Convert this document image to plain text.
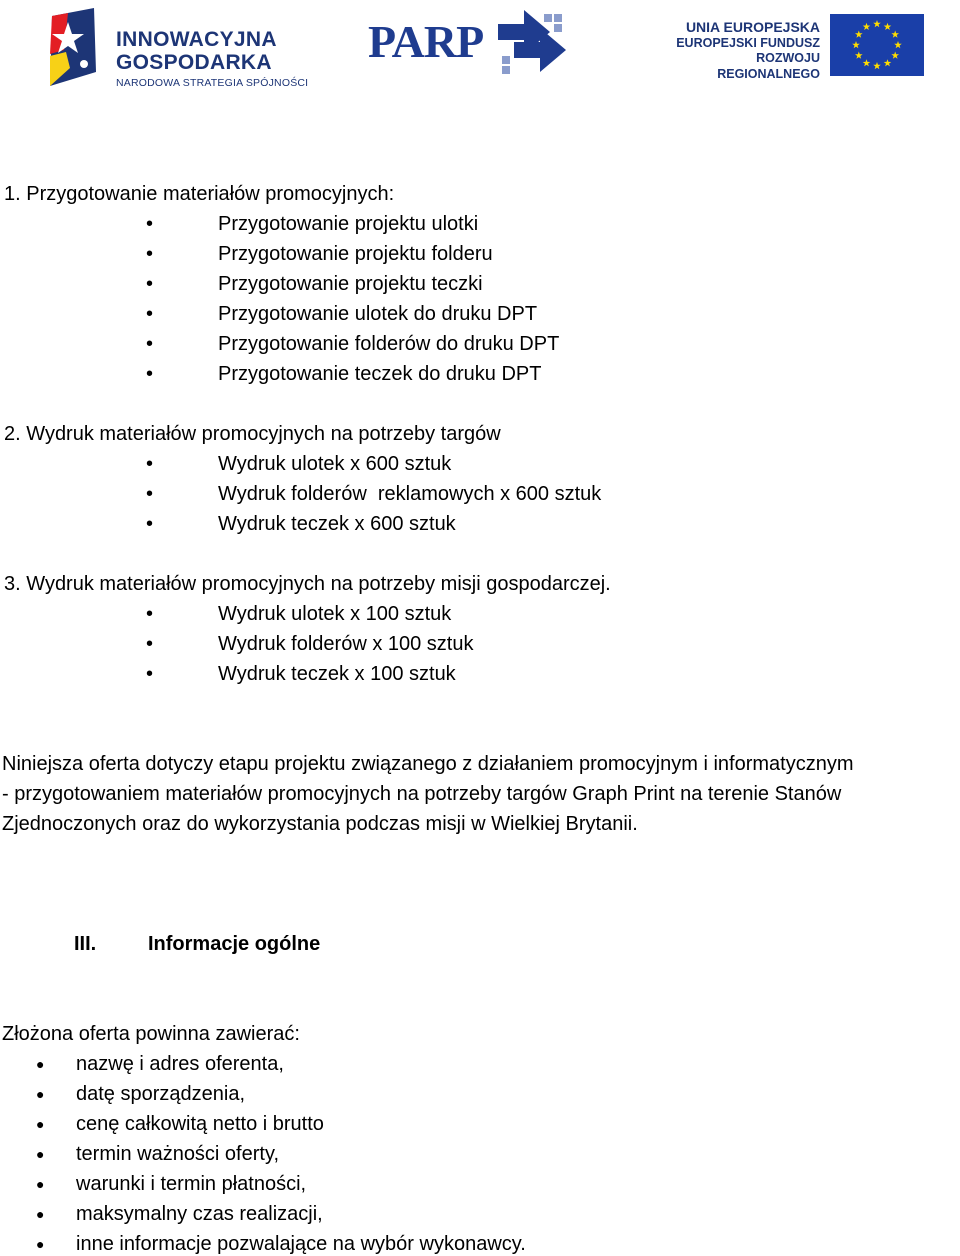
INNOWACYJNA
GOSPODARKA
NARODOWA STRATEGIA SPÓJNOŚCI
PARP	UNIA EUROPEJSKA
EUROPEJSKI FUNDUSZ
ROZWOJU REGIONALNEGO
1. Przygotowanie materiałów promocyjnych:
•	Przygotowanie projektu ulotki
•	Przygotowanie projektu folderu
•	Przygotowanie projektu teczki
•	Przygotowanie ulotek do druku DPT
•	Przygotowanie folderów do druku DPT
•	Przygotowanie teczek do druku DPT
2. Wydruk materiałów promocyjnych na potrzeby targów
•	Wydruk ulotek x 600 sztuk
•	Wydruk folderów  reklamowych x 600 sztuk
•	Wydruk teczek x 600 sztuk
3. Wydruk materiałów promocyjnych na potrzeby misji gospodarczej.
•	Wydruk ulotek x 100 sztuk
•	Wydruk folderów x 100 sztuk
•	Wydruk teczek x 100 sztuk
Niniejsza oferta dotyczy etapu projektu związanego z działaniem promocyjnym i informatycznym
- przygotowaniem materiałów promocyjnych na potrzeby targów Graph Print na terenie Stanów
Zjednoczonych oraz do wykorzystania podczas misji w Wielkiej Brytanii.
III.	Informacje ogólne
Złożona oferta powinna zawierać:
● nazwę i adres oferenta,
● datę sporządzenia,
● cenę całkowitą netto i brutto
● termin ważności oferty,
● warunki i termin płatności,
● maksymalny czas realizacji,
● inne informacje pozwalające na wybór wykonawcy.
